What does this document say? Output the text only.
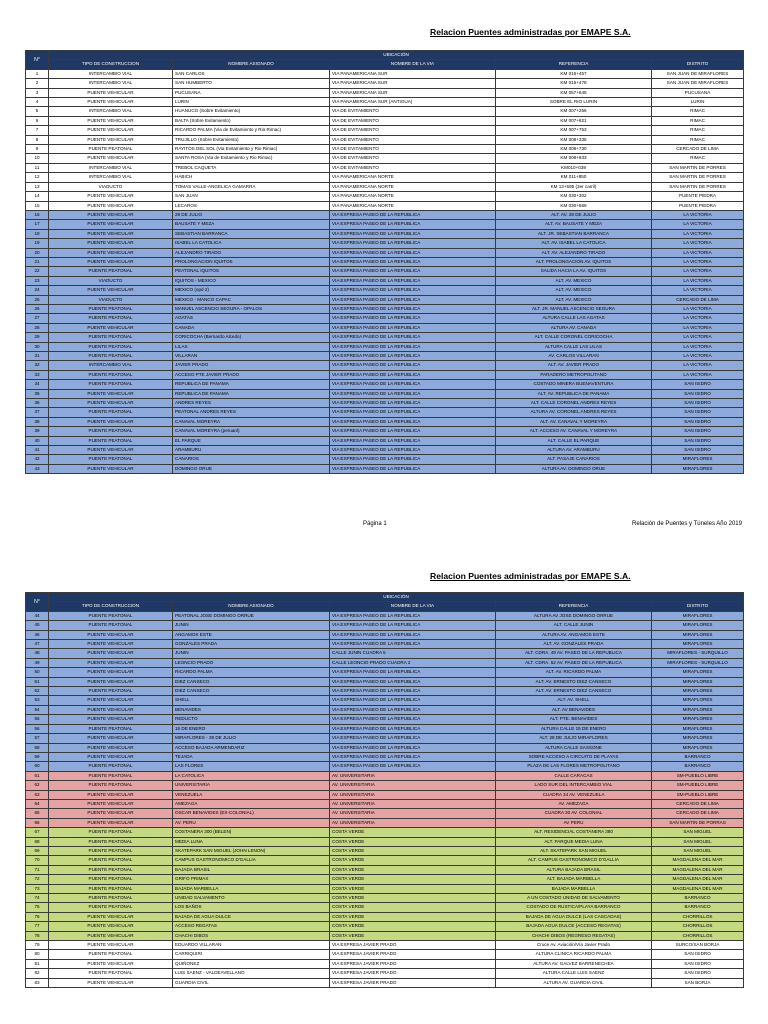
Relacion Puentes administradas por EMAPE S.A.
N°	UBICACIÓN				
	TIPO DE CONSTRUCCION	NOMBRE ASIGNADO	NOMBRE DE LA VIA	REFERENCIA	DISTRITO
1	INTERCAMBIO VIAL	SAN CARLOS	VIA PANAMERICANA SUR	KM 015+457	SAN JUAN DE MIRAFLORES
2	INTERCAMBIO VIAL	SAN HUMBERTO	VIA PANAMERICANA SUR	KM 015+478	SAN JUAN DE MIRAFLORES
3	PUENTE VEHICULAR	PUCUSANA	VIA PANAMERICANA SUR	KM 057+645	PUCUSANA
4	PUENTE VEHICULAR	LURIN	VIA PANAMERICANA SUR (ANTIGUA)	SOBRE EL RIO LURIN	LURIN
5	INTERCAMBIO VIAL	HUANUCO (Sobre Evitamiento)	VIA DE EVITAMIENTO	KM 007+256	RIMAC
6	PUENTE VEHICULAR	BALTA (Sobre Evitamiento)	VIA DE EVITAMIENTO	KM 007+621	RIMAC
7	PUENTE VEHICULAR	RICARDO PALMA (Via de Evitamiento y Rio Rimac)	VIA DE EVITAMIENTO	KM 007+753	RIMAC
8	PUENTE VEHICULAR	TRUJILLO (Sobre Evitamiento)	VIA DE EVITAMIENTO	KM 008+335	RIMAC
9	PUENTE PEATONAL	RAYITOS DEL SOL (Via Evitamiento y Rio Rimac)	VIA DE EVITAMIENTO	KM 008+730	CERCADO DE LIMA
10	PUENTE VEHICULAR	SANTA ROSA (Via de Evitamiento y Rio Rimac)	VIA DE EVITAMIENTO	KM 008+833	RIMAC
11	INTERCAMBIO VIAL	TREBOL CAQUETA	VIA DE EVITAMIENTO	KM010+039	SAN MARTIN DE PORRES
12	INTERCAMBIO VIAL	HABICH	VIA PANAMERICANA NORTE	KM 011+850	SAN MARTIN DE PORRES
13	VIADUCTO	TOMAS VALLE-ANGELICA GAMARRA	VIA PANAMERICANA NORTE	KM 13+595 (3er carril)	SAN MARTIN DE PORRES
14	PUENTE VEHICULAR	SAN JUAN	VIA PANAMERICANA NORTE	KM 030+302	PUENTE PIEDRA
15	PUENTE VEHICULAR	LECAROS	VIA PANAMERICANA NORTE	KM 030+569	PUENTE PIEDRA
16	PUENTE VEHICULAR	28 DE JULIO	VIA EXPRESA PASEO DE LA REPUBLICA	ALT. AV. 28 DE JULIO	LA VICTORIA
17	PUENTE VEHICULAR	BAUSATE Y MEZA	VIA EXPRESA PASEO DE LA REPUBLICA	ALT. AV. BAUSATE Y MEZA	LA VICTORIA
18	PUENTE VEHICULAR	SEBASTIAN BARRANCA	VIA EXPRESA PASEO DE LA REPUBLICA	ALT. JR. SEBASTIAN BARRANCA	LA VICTORIA
19	PUENTE VEHICULAR	ISABEL LA CATOLICA	VIA EXPRESA PASEO DE LA REPUBLICA	ALT. AV. ISABEL LA CATOLICA	LA VICTORIA
20	PUENTE VEHICULAR	ALEJANDRO TIRADO	VIA EXPRESA PASEO DE LA REPUBLICA	ALT. AV. ALEJANDRO TIRADO	LA VICTORIA
21	PUENTE VEHICULAR	PROLONGACION IQUITOS	VIA EXPRESA PASEO DE LA REPUBLICA	ALT. PROLONGACION AV. IQUITOS	LA VICTORIA
22	PUENTE PEATONAL	PEATONAL IQUITOS	VIA EXPRESA PASEO DE LA REPUBLICA	SALIDA HACIA LA AV. IQUITOS	LA VICTORIA
23	VIADUCTO	IQUITOS - MEXICO	VIA EXPRESA PASEO DE LA REPUBLICA	ALT. AV. MEXICO	LA VICTORIA
24	PUENTE VEHICULAR	MEXICO (opd 2)	VIA EXPRESA PASEO DE LA REPUBLICA	ALT. AV. MEXICO	LA VICTORIA
25	VIADUCTO	MEXICO - MANCO CAPAC	VIA EXPRESA PASEO DE LA REPUBLICA	ALT. AV. MEXICO	CERCADO DE LIMA
26	PUENTE PEATONAL	MANUEL ASCENCIO SEGURA - OPALOS	VIA EXPRESA PASEO DE LA REPUBLICA	ALT. JR. MANUEL ASCENCIO SEGURA	LA VICTORIA
27	PUENTE PEATONAL	AGATAS	VIA EXPRESA PASEO DE LA REPUBLICA	ALTURA CALLE LAS AGATAS	LA VICTORIA
28	PUENTE VEHICULAR	CANADA	VIA EXPRESA PASEO DE LA REPUBLICA	ALTURA AV. CANADA	LA VICTORIA
29	PUENTE PEATONAL	CORICOCHA (Bernardo Alcedo)	VIA EXPRESA PASEO DE LA REPUBLICA	ALT. CALLE CORONEL CORICOCHA	LA VICTORIA
30	PUENTE PEATONAL	LILAS	VIA EXPRESA PASEO DE LA REPUBLICA	ALTURA CALLE LAS LILAS	LA VICTORIA
31	PUENTE PEATONAL	VILLARAN	VIA EXPRESA PASEO DE LA REPUBLICA	AV. CARLOS VILLARAN	LA VICTORIA
32	INTERCAMBIO VIAL	JAVIER PRADO	VIA EXPRESA PASEO DE LA REPUBLICA	ALT. AV. JAVIER PRADO	LA VICTORIA
33	PUENTE PEATONAL	ACCESO PTE JAVIER PRADO	VIA EXPRESA PASEO DE LA REPUBLICA	PARADERO METROPOLITANO	LA VICTORIA
34	PUENTE PEATONAL	REPUBLICA DE PANAMA	VIA EXPRESA PASEO DE LA REPUBLICA	COSTADO MINERA BUENAVENTURA	SAN ISIDRO
35	PUENTE VEHICULAR	REPUBLICA DE PANAMA	VIA EXPRESA PASEO DE LA REPUBLICA	ALT. AV. REPUBLICA DE PANAMA	SAN ISIDRO
36	PUENTE VEHICULAR	ANDRES REYES	VIA EXPRESA PASEO DE LA REPUBLICA	ALT. CALLE CORONEL ANDRES REYES	SAN ISIDRO
37	PUENTE PEATONAL	PEATONAL ANDRES REYES	VIA EXPRESA PASEO DE LA REPUBLICA	ALTURA AV. CORONEL ANDRES REYES	SAN ISIDRO
38	PUENTE VEHICULAR	CANAVAL MOREYRA	VIA EXPRESA PASEO DE LA REPUBLICA	ALT. AV. CANAVAL Y MOREYRA	SAN ISIDRO
39	PUENTE PEATONAL	CANAVAL MOREYRA (peruanl)	VIA EXPRESA PASEO DE LA REPUBLICA	ALT. ACCESO AV. CANAVAL Y MOREYRA	SAN ISIDRO
40	PUENTE PEATONAL	EL PARQUE	VIA EXPRESA PASEO DE LA REPUBLICA	ALT. CALLE EL PARQUE	SAN ISIDRO
41	PUENTE VEHICULAR	ARAMBURU	VIA EXPRESA PASEO DE LA REPUBLICA	ALTURA AV. ARAMBURU	SAN ISIDRO
42	PUENTE PEATONAL	CANARIOS	VIA EXPRESA PASEO DE LA REPUBLICA	ALT. PASAJE CANARIOS	MIRAFLORES
43	PUENTE VEHICULAR	DOMINGO ORUE	VIA EXPRESA PASEO DE LA REPUBLICA	ALTURA AV. DOMINGO ORUE	MIRAFLORES
Página 1	Relación de Puentes y Túneles Año 2019
Relacion Puentes administradas por EMAPE S.A.
N°	UBICACIÓN				
	TIPO DE CONSTRUCCION	NOMBRE ASIGNADO	NOMBRE DE LA VIA	REFERENCIA	DISTRITO
44	PUENTE PEATONAL	PEATONAL JOSE DOMINGO ORRUE	VIA EXPRESA PASEO DE LA REPUBLICA	ALTURA AV JOSE DOMINGO ORRUE	MIRAFLORES
45	PUENTE PEATONAL	JUNIN	VIA EXPRESA PASEO DE LA REPUBLICA	ALT. CALLE JUNIN	MIRAFLORES
46	PUENTE VEHICULAR	ANGAMOS ESTE	VIA EXPRESA PASEO DE LA REPUBLICA	ALTURA AV. ANGAMOS ESTE	MIRAFLORES
47	PUENTE VEHICULAR	GONZALES PRADA	VIA EXPRESA PASEO DE LA REPUBLICA	ALT. AV. GONZALES PRADA	MIRAFLORES
48	PUENTE VEHICULAR	JUNIN	CALLE JUNIN CUADRA 5	ALT. CDRA. 49 AV. PASEO DE LA REPUBLICA	MIRAFLORES - SURQUILLO
49	PUENTE VEHICULAR	LEONCIO PRADO	CALLE LEONCIO PRADO CUADRA 2	ALT. CDRA. 52 AV. PASEO DE LA REPUBLICA	MIRAFLORES - SURQUILLO
50	PUENTE VEHICULAR	RICARDO PALMA	VIA EXPRESA PASEO DE LA REPUBLICA	ALT. AV. RICARDO PALMA	MIRAFLORES
51	PUENTE VEHICULAR	DIEZ CANSECO	VIA EXPRESA PASEO DE LA REPUBLICA	ALT. AV. ERNESTO DIEZ CANSECO	MIRAFLORES
52	PUENTE PEATONAL	DIEZ CANSECO	VIA EXPRESA PASEO DE LA REPUBLICA	ALT. AV. ERNESTO DIEZ CANSECO	MIRAFLORES
53	PUENTE VEHICULAR	SHELL	VIA EXPRESA PASEO DE LA REPUBLICA	ALT. AV. SHELL	MIRAFLORES
54	PUENTE VEHICULAR	BENAVIDES	VIA EXPRESA PASEO DE LA REPUBLICA	ALT. AV BENAVIDES	MIRAFLORES
55	PUENTE VEHICULAR	REDUCTO	VIA EXPRESA PASEO DE LA REPUBLICA	ALT. PTE. BENAVIDES	MIRAFLORES
56	PUENTE PEATONAL	15 DE ENERO	VIA EXPRESA PASEO DE LA REPUBLICA	ALTURA CALLE 15 DE ENERO	MIRAFLORES
57	PUENTE VEHICULAR	MIRAFLORES - 28 DE JULIO	VIA EXPRESA PASEO DE LA REPUBLICA	ALT. 28 DE JULIO MIRAFLORES	MIRAFLORES
58	PUENTE VEHICULAR	ACCESO BAJADA ARMENDARIZ	VIA EXPRESA PASEO DE LA REPUBLICA	ALTURA CALLE SASSONE	MIRAFLORES
59	PUENTE VEHICULAR	TEJADA	VIA EXPRESA PASEO DE LA REPUBLICA	SOBRE ACCESO A CIRCUITO DE PLAYAS	BARRANCO
60	PUENTE PEATONAL	LAS FLORES	VIA EXPRESA PASEO DE LA REPUBLICA	PLAZA DE LAS FLORES METROPOLITANO	BARRANCO
61	PUENTE PEATONAL	LA CATOLICA	AV. UNIVERSITARIA	CALLE CARACAS	SM-PUEBLO LIBRE
62	PUENTE PEATONAL	UNIVERSITARIA	AV. UNIVERSITARIA	LADO SUR DEL INTERCAMBIO VIAL	SM-PUEBLO LIBRE
63	PUENTE VEHICULAR	VENEZUELA	AV. UNIVERSITARIA	CUADRA 34 AV. VENEZUELA	SM-PUEBLO LIBRE
64	PUENTE VEHICULAR	AMEZAGA	AV. UNIVERSITARIA	AV. AMEZAGA	CERCADO DE LIMA
65	PUENTE VEHICULAR	OSCAR BENAVIDES (EX-COLONIAL)	AV. UNIVERSITARIA	CUADRA 30 AV. COLONIAL	CERCADO DE LIMA
66	PUENTE VEHICULAR	AV. PERU	AV. UNIVERSITARIA	AV PERU	SAN MARTIN DE PORRAS
67	PUENTE PEATONAL	COSTANERA 300 (BELEN)	COSTA VERDE	ALT. RESIDENCIAL COSTANERA 380	SAN MIGUEL
68	PUENTE PEATONAL	MEDIA LUNA	COSTA VERDE	ALT. PARQUE MEDIA LUNA	SAN MIGUEL
69	PUENTE PEATONAL	SKATEPARK SAN MIGUEL (JOHN LENON)	COSTA VERDE	ALT. SKATEPARK SAN MIGUEL	SAN MIGUEL
70	PUENTE PEATONAL	CAMPUS GASTRONOMICO D'GALLIA	COSTA VERDE	ALT. CAMPUS GASTRONOMICO D'GALLIA	MAGDALENA DEL MAR
71	PUENTE PEATONAL	BAJADA BRASIL	COSTA VERDE	ALTURA BAJADA BRASIL	MAGDALENA DEL MAR
72	PUENTE PEATONAL	GRIFO PRIMAX	COSTA VERDE	ALT. BAJADA MARBELLA	MAGDALENA DEL MAR
73	PUENTE PEATONAL	BAJADA MARBELLA	COSTA VERDE	BAJADA MARBELLA	MAGDALENA DEL MAR
74	PUENTE PEATONAL	UNIDAD SALVAMENTO	COSTA VERDE	A UN COSTADO UNIDAD DE SALVAMENTO	BARRANCO
75	PUENTE PEATONAL	LOS BAÑOS	COSTA VERDE	COSTADO DE RUSTICA/PLAYA BARRANCO	BARRANCO
76	PUENTE VEHICULAR	BAJADA DE AGUA DULCE	COSTA VERDE	BAJADA DE AGUA DULCE (LAS CASCADAS)	CHORRILLOS
77	PUENTE VEHICULAR	ACCESO REGATAS	COSTA VERDE	BAJADA AGUA DULCE (ACCESO REGATAS)	CHORRILLOS
78	PUENTE VEHICULAR	CHACHI DIBOS	COSTA VERDE	CHACHI DIBOS (REGRESO REGATAS)	CHORRILLOS
79	PUENTE VEHICULAR	EDUARDO VILLARAN	VIA EXPRESA JAVIER PRADO	Cruce Av. Aviación/Vía Javier Prado	SURCO/SAN BORJA
80	PUENTE PEATONAL	CARRIQUIRI	VIA EXPRESA JAVIER PRADO	ALTURA CLINICA RICARDO PALMA	SAN ISIDRO
81	PUENTE VEHICULAR	QUIÑONEZ	VIA EXPRESA JAVIER PRADO	ALTURA AV. GALVEZ BARRENECHEA	SAN ISIDRO
82	PUENTE PEATONAL	LUIS SAENZ - VALDEAVELLANO	VIA EXPRESA JAVIER PRADO	ALTURA CALLE LUIS SAENZ	SAN ISIDRO
83	PUENTE VEHICULAR	GUARDIA CIVIL	VIA EXPRESA JAVIER PRADO	ALTURA AV. GUARDIA CIVIL	SAN BORJA
